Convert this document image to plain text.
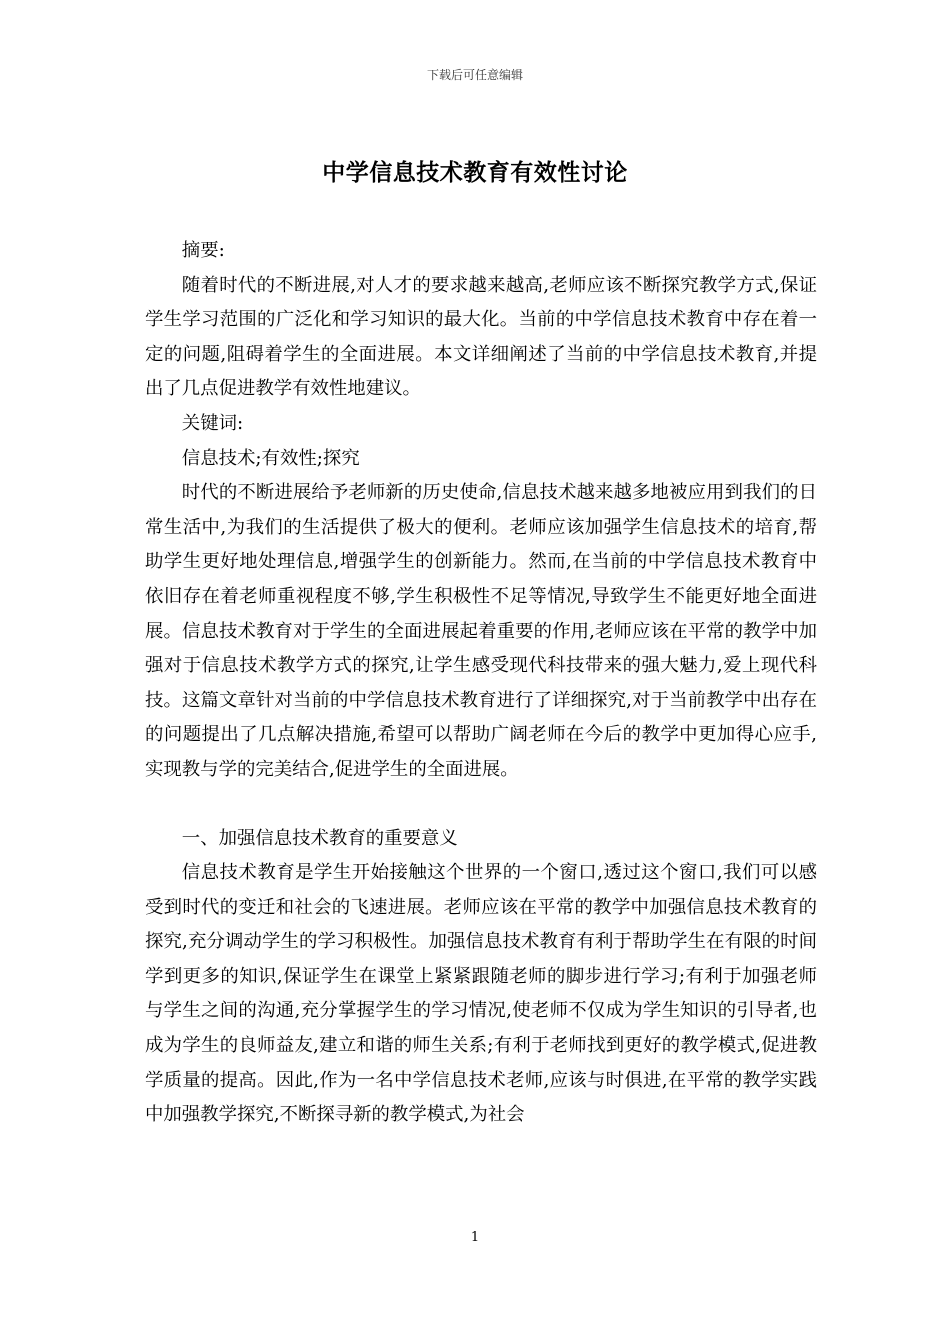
下载后可任意编辑
中学信息技术教育有效性讨论

摘要:

随着时代的不断进展,对人才的要求越来越高,老师应该不断探究教学方式,保证学生学习范围的广泛化和学习知识的最大化。当前的中学信息技术教育中存在着一定的问题,阻碍着学生的全面进展。本文详细阐述了当前的中学信息技术教育,并提出了几点促进教学有效性地建议。

关键词:

信息技术;有效性;探究

时代的不断进展给予老师新的历史使命,信息技术越来越多地被应用到我们的日常生活中,为我们的生活提供了极大的便利。老师应该加强学生信息技术的培育,帮助学生更好地处理信息,增强学生的创新能力。然而,在当前的中学信息技术教育中依旧存在着老师重视程度不够,学生积极性不足等情况,导致学生不能更好地全面进展。信息技术教育对于学生的全面进展起着重要的作用,老师应该在平常的教学中加强对于信息技术教学方式的探究,让学生感受现代科技带来的强大魅力,爱上现代科技。这篇文章针对当前的中学信息技术教育进行了详细探究,对于当前教学中出存在的问题提出了几点解决措施,希望可以帮助广阔老师在今后的教学中更加得心应手,实现教与学的完美结合,促进学生的全面进展。

一、加强信息技术教育的重要意义

信息技术教育是学生开始接触这个世界的一个窗口,透过这个窗口,我们可以感受到时代的变迁和社会的飞速进展。老师应该在平常的教学中加强信息技术教育的探究,充分调动学生的学习积极性。加强信息技术教育有利于帮助学生在有限的时间学到更多的知识,保证学生在课堂上紧紧跟随老师的脚步进行学习;有利于加强老师与学生之间的沟通,充分掌握学生的学习情况,使老师不仅成为学生知识的引导者,也成为学生的良师益友,建立和谐的师生关系;有利于老师找到更好的教学模式,促进教学质量的提高。因此,作为一名中学信息技术老师,应该与时俱进,在平常的教学实践中加强教学探究,不断探寻新的教学模式,为社会

1
